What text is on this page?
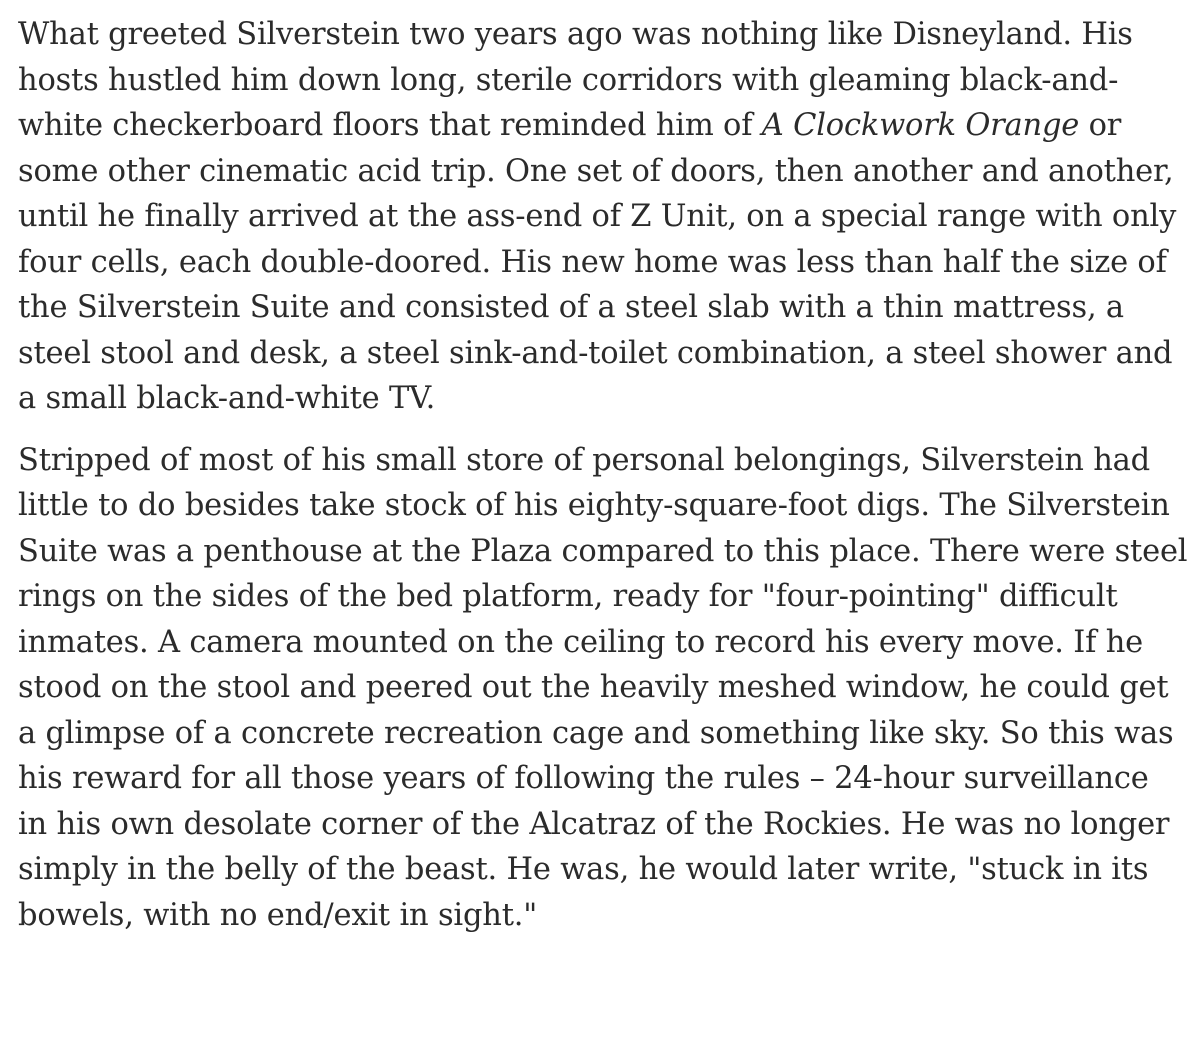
What greeted Silverstein two years ago was nothing like Disneyland. His
hosts hustled him down long, sterile corridors with gleaming black-and-
white checkerboard floors that reminded him of A Clockwork Orange or
some other cinematic acid trip. One set of doors, then another and another,
until he finally arrived at the ass-end of Z Unit, on a special range with only
four cells, each double-doored. His new home was less than half the size of
the Silverstein Suite and consisted of a steel slab with a thin mattress, a
steel stool and desk, a steel sink-and-toilet combination, a steel shower and
a small black-and-white TV.
Stripped of most of his small store of personal belongings, Silverstein had
little to do besides take stock of his eighty-square-foot digs. The Silverstein
Suite was a penthouse at the Plaza compared to this place. There were steel
rings on the sides of the bed platform, ready for "four-pointing" difficult
inmates. A camera mounted on the ceiling to record his every move. If he
stood on the stool and peered out the heavily meshed window, he could get
a glimpse of a concrete recreation cage and something like sky. So this was
his reward for all those years of following the rules – 24-hour surveillance
in his own desolate corner of the Alcatraz of the Rockies. He was no longer
simply in the belly of the beast. He was, he would later write, "stuck in its
bowels, with no end/exit in sight."
